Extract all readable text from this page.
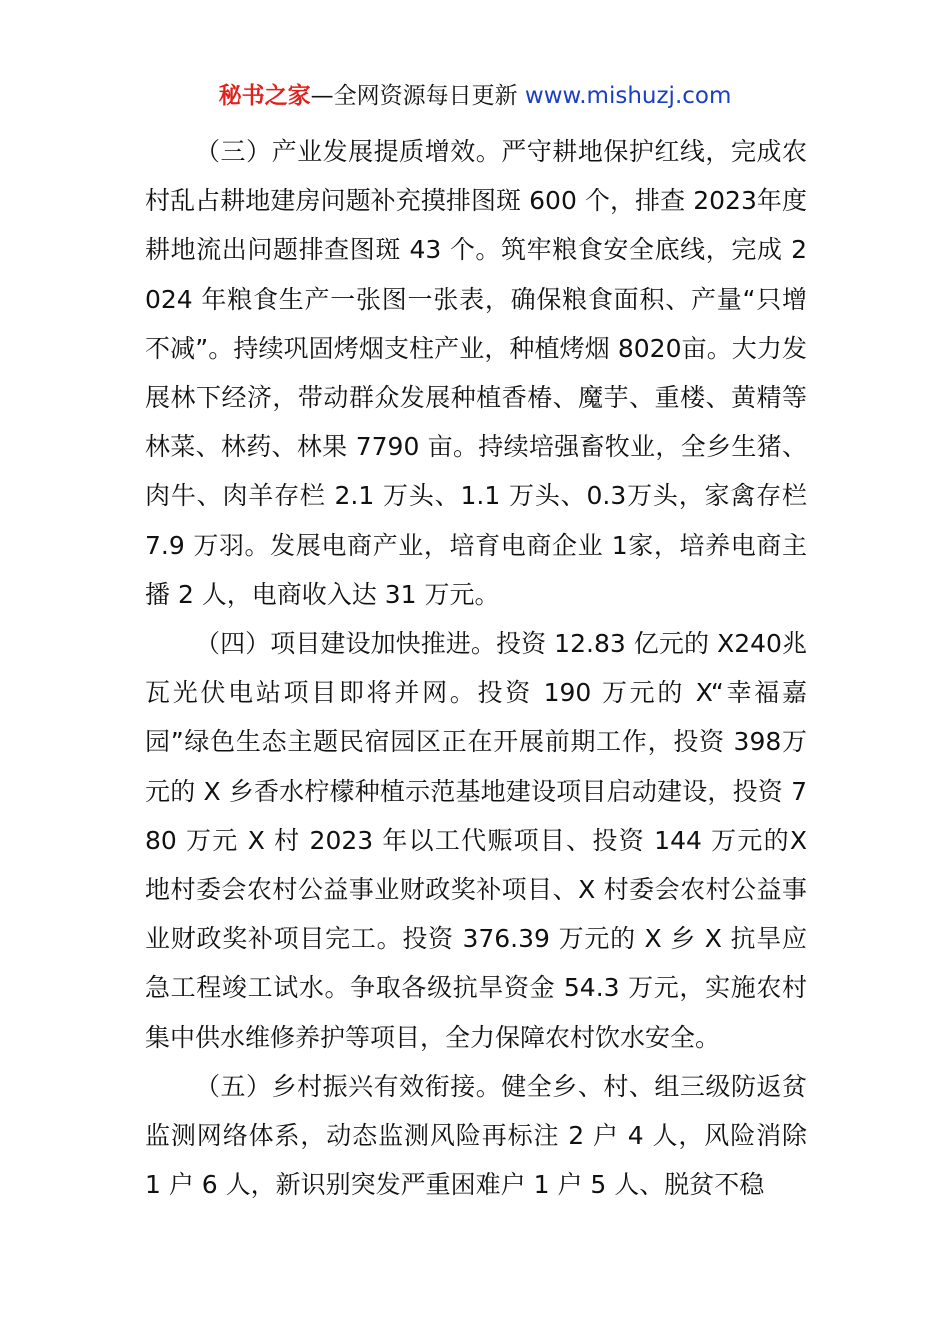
秘书之家—全网资源每日更新 www.mishuzj.com

（三）产业发展提质增效。严守耕地保护红线，完成农村乱占耕地建房问题补充摸排图斑 600 个，排查 2023年度耕地流出问题排查图斑 43 个。筑牢粮食安全底线，完成 2024 年粮食生产一张图一张表，确保粮食面积、产量“只增不减”。持续巩固烤烟支柱产业，种植烤烟 8020亩。大力发展林下经济，带动群众发展种植香椿、魔芋、重楼、黄精等林菜、林药、林果 7790 亩。持续培强畜牧业，全乡生猪、肉牛、肉羊存栏 2.1 万头、1.1 万头、0.3万头，家禽存栏 7.9 万羽。发展电商产业，培育电商企业 1家，培养电商主播 2 人，电商收入达 31 万元。

（四）项目建设加快推进。投资 12.83 亿元的 X240兆瓦光伏电站项目即将并网。投资 190 万元的 X“幸福嘉园”绿色生态主题民宿园区正在开展前期工作，投资 398万元的 X 乡香水柠檬种植示范基地建设项目启动建设，投资 780 万元 X 村 2023 年以工代赈项目、投资 144 万元的X 地村委会农村公益事业财政奖补项目、X 村委会农村公益事业财政奖补项目完工。投资 376.39 万元的 X 乡 X 抗旱应急工程竣工试水。争取各级抗旱资金 54.3 万元，实施农村集中供水维修养护等项目，全力保障农村饮水安全。

（五）乡村振兴有效衔接。健全乡、村、组三级防返贫监测网络体系，动态监测风险再标注 2 户 4 人，风险消除 1 户 6 人，新识别突发严重困难户 1 户 5 人、脱贫不稳
